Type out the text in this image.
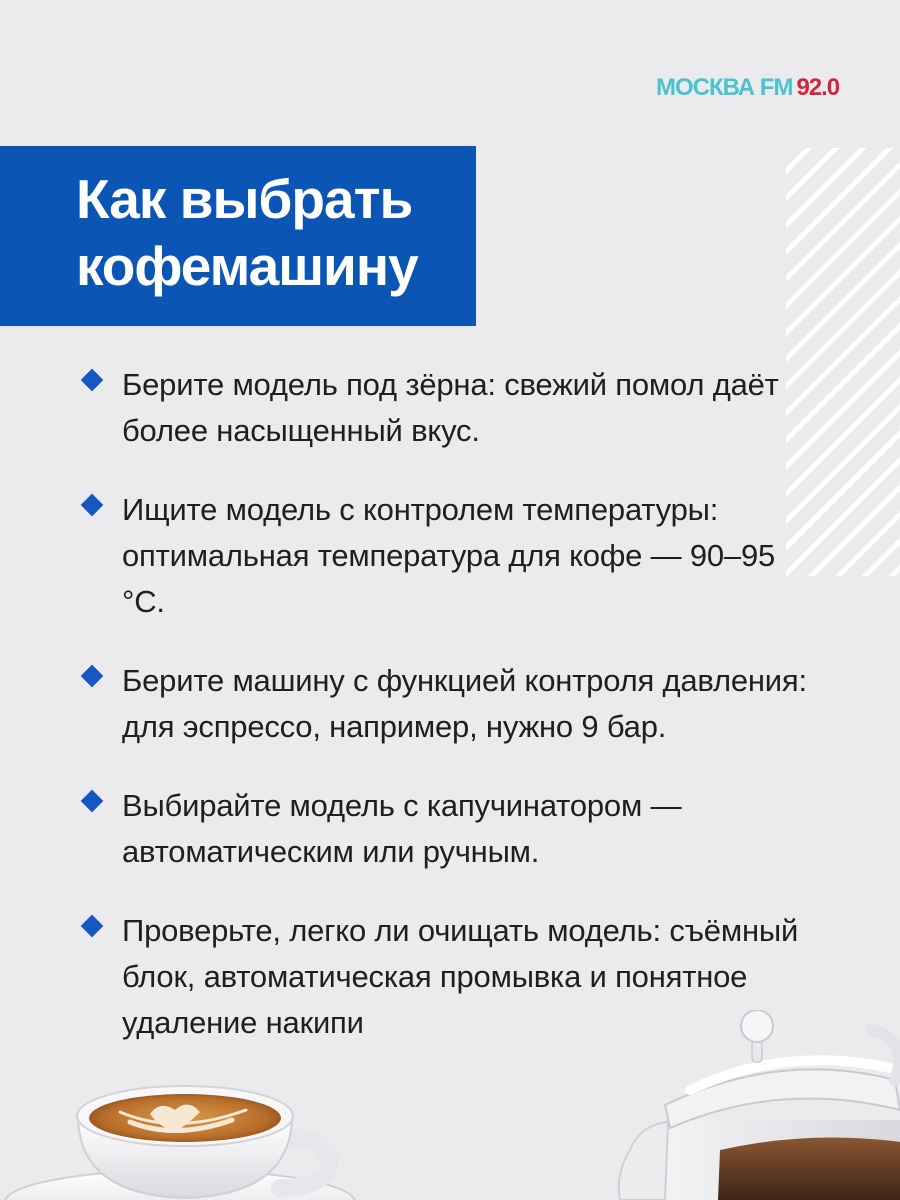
МОСКВА FM 92.0
Как выбрать
кофемашину
Берите модель под зёрна: свежий помол даёт более насыщенный вкус.
Ищите модель с контролем температуры: оптимальная температура для кофе — 90–95 °C.
Берите машину с функцией контроля давления: для эспрессо, например, нужно 9 бар.
Выбирайте модель с капучинатором — автоматическим или ручным.
Проверьте, легко ли очищать модель: съёмный блок, автоматическая промывка и понятное удаление накипи
